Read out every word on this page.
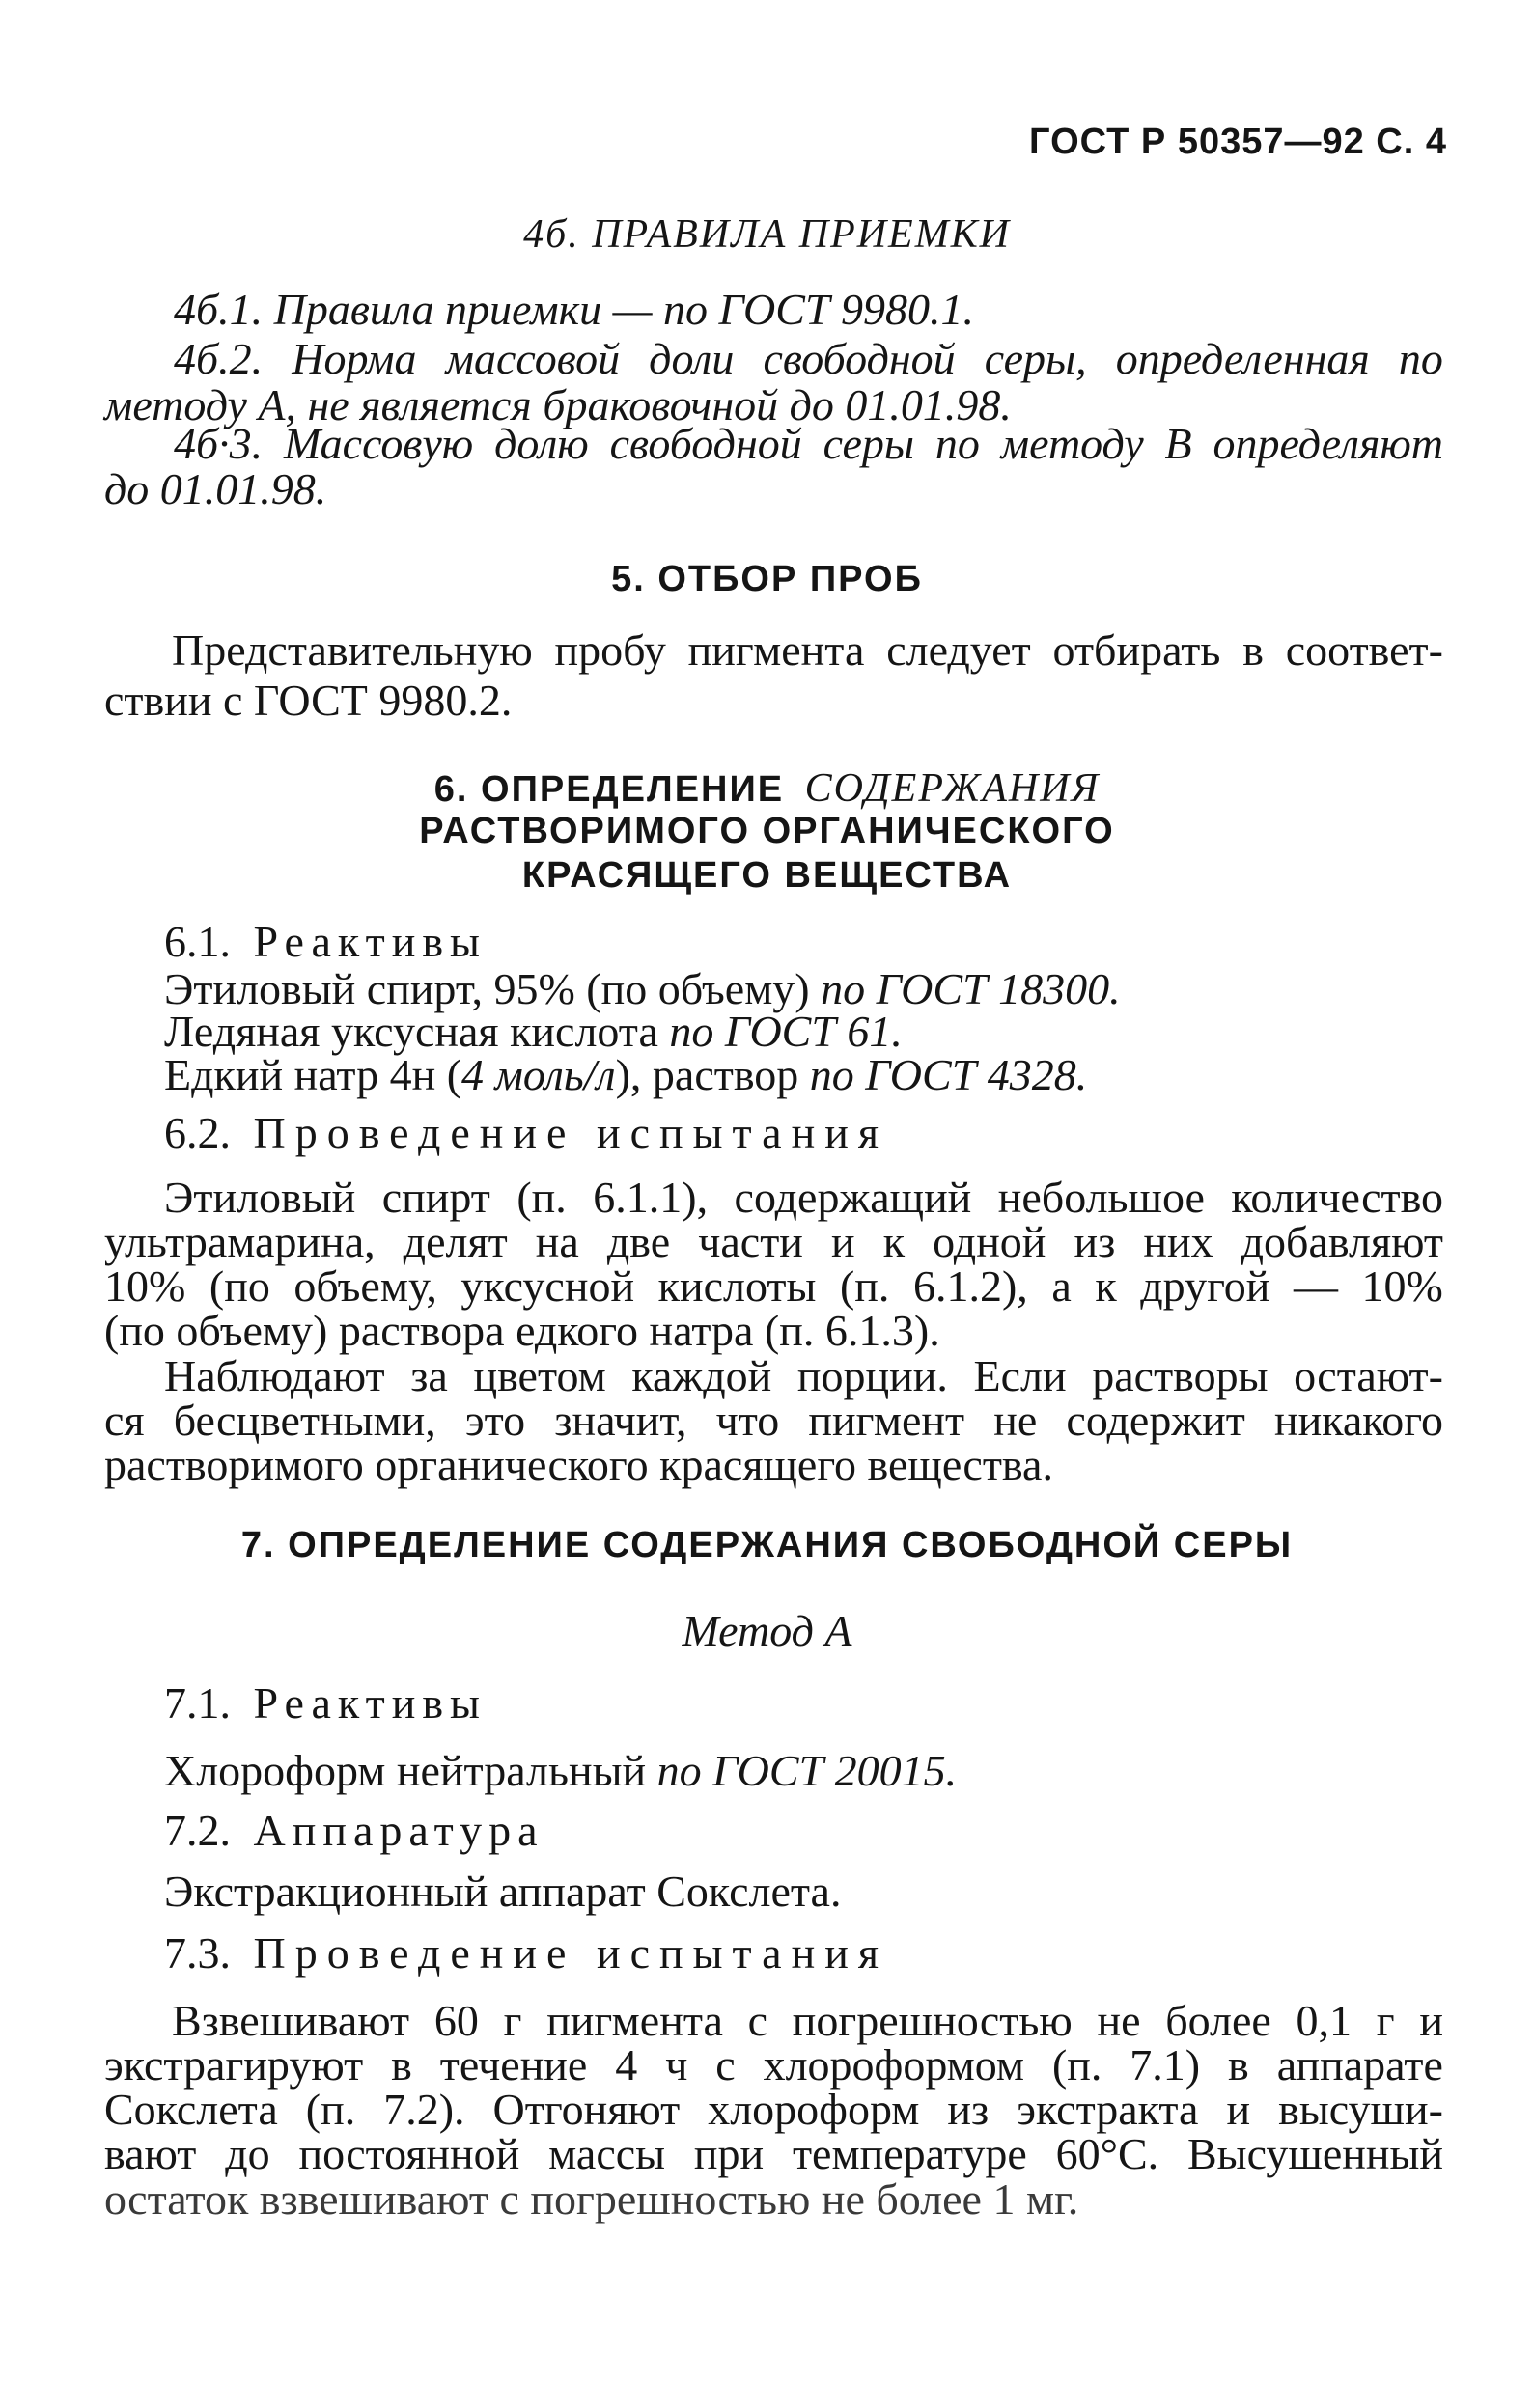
ГОСТ Р 50357—92 С. 4
4б. ПРАВИЛА ПРИЕМКИ
4б.1. Правила приемки — по ГОСТ 9980.1.
4б.2. Норма массовой доли свободной серы, определенная по
методу А, не является браковочной до 01.01.98.
4б·3. Массовую долю свободной серы по методу В определяют
до 01.01.98.
5. ОТБОР ПРОБ
Представительную пробу пигмента следует отбирать в соответ-
ствии с ГОСТ 9980.2.
6. ОПРЕДЕЛЕНИЕ СОДЕРЖАНИЯ
РАСТВОРИМОГО ОРГАНИЧЕСКОГО
КРАСЯЩЕГО ВЕЩЕСТВА
6.1. Реактивы
Этиловый спирт, 95% (по объему) по ГОСТ 18300.
Ледяная уксусная кислота по ГОСТ 61.
Едкий натр 4н (4 моль/л), раствор по ГОСТ 4328.
6.2. Проведение испытания
Этиловый спирт (п. 6.1.1), содержащий небольшое количество
ультрамарина, делят на две части и к одной из них добавляют
10% (по объему, уксусной кислоты (п. 6.1.2), а к другой — 10%
(по объему) раствора едкого натра (п. 6.1.3).
Наблюдают за цветом каждой порции. Если растворы остают-
ся бесцветными, это значит, что пигмент не содержит никакого
растворимого органического красящего вещества.
7. ОПРЕДЕЛЕНИЕ СОДЕРЖАНИЯ СВОБОДНОЙ СЕРЫ
Метод А
7.1. Реактивы
Хлороформ нейтральный по ГОСТ 20015.
7.2. Аппаратура
Экстракционный аппарат Сокслета.
7.3. Проведение испытания
Взвешивают 60 г пигмента с погрешностью не более 0,1 г и
экстрагируют в течение 4 ч с хлороформом (п. 7.1) в аппарате
Сокслета (п. 7.2). Отгоняют хлороформ из экстракта и высуши-
вают до постоянной массы при температуре 60°С. Высушенный
остаток взвешивают с погрешностью не более 1 мг.
